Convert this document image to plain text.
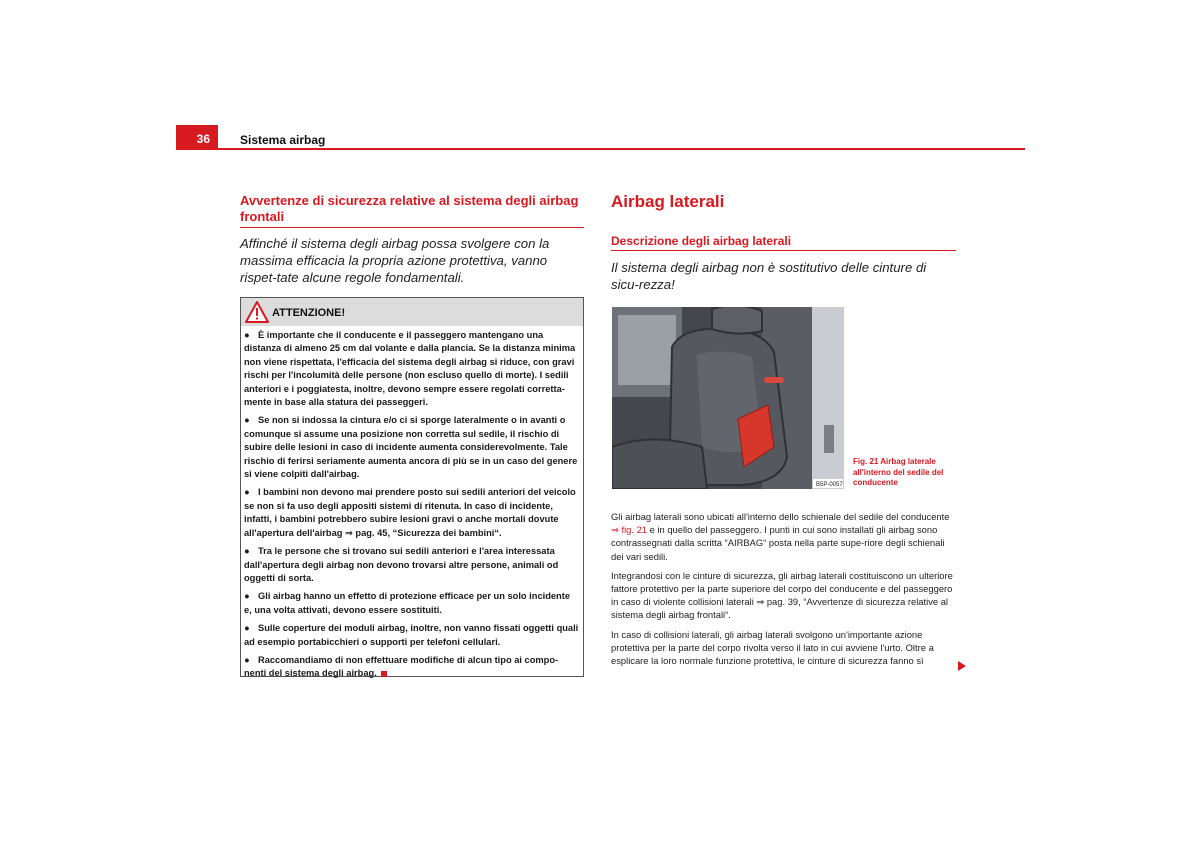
36	Sistema airbag
Avvertenze di sicurezza relative al sistema degli airbag frontali
Affinché il sistema degli airbag possa svolgere con la massima efficacia la propria azione protettiva, vanno rispet-tate alcune regole fondamentali.
ATTENZIONE!

● È importante che il conducente e il passeggero mantengano una distanza di almeno 25 cm dal volante e dalla plancia. Se la distanza minima non viene rispettata, l'efficacia del sistema degli airbag si riduce, con gravi rischi per l'incolumità delle persone (non escluso quello di morte). I sedili anteriori e i poggiatesta, inoltre, devono sempre essere regolati corretta-mente in base alla statura dei passeggeri.

● Se non si indossa la cintura e/o ci si sporge lateralmente o in avanti o comunque si assume una posizione non corretta sul sedile, il rischio di subire delle lesioni in caso di incidente aumenta considerevolmente. Tale rischio di ferirsi seriamente aumenta ancora di più se in un caso del genere si viene colpiti dall'airbag.

● I bambini non devono mai prendere posto sui sedili anteriori del veicolo se non si fa uso degli appositi sistemi di ritenuta. In caso di incidente, infatti, i bambini potrebbero subire lesioni gravi o anche mortali dovute all'apertura dell'airbag ⇒ pag. 45, “Sicurezza dei bambini“.

● Tra le persone che si trovano sui sedili anteriori e l'area interessata dall'apertura degli airbag non devono trovarsi altre persone, animali od oggetti di sorta.

● Gli airbag hanno un effetto di protezione efficace per un solo incidente e, una volta attivati, devono essere sostituiti.

● Sulle coperture dei moduli airbag, inoltre, non vanno fissati oggetti quali ad esempio portabicchieri o supporti per telefoni cellulari.

● Raccomandiamo di non effettuare modifiche di alcun tipo ai compo-nenti del sistema degli airbag.

Airbag laterali
Descrizione degli airbag laterali
Il sistema degli airbag non è sostitutivo delle cinture di sicu-rezza!
B5P-0057
Fig. 21 Airbag laterale all'interno del sedile del conducente

Gli airbag laterali sono ubicati all'interno dello schienale del sedile del conducente ⇒ fig. 21 e in quello del passeggero. I punti in cui sono installati gli airbag sono contrassegnati dalla scritta “AIRBAG“ posta nella parte supe-riore degli schienali dei vari sedili.

Integrandosi con le cinture di sicurezza, gli airbag laterali costituiscono un ulteriore fattore protettivo per la parte superiore del corpo del conducente e del passeggero in caso di violente collisioni laterali ⇒ pag. 39, “Avvertenze di sicurezza relative al sistema degli airbag frontali“.

In caso di collisioni laterali, gli airbag laterali svolgono un'importante azione protettiva per la parte del corpo rivolta verso il lato in cui avviene l'urto. Oltre a esplicare la loro normale funzione protettiva, le cinture di sicurezza fanno sì
